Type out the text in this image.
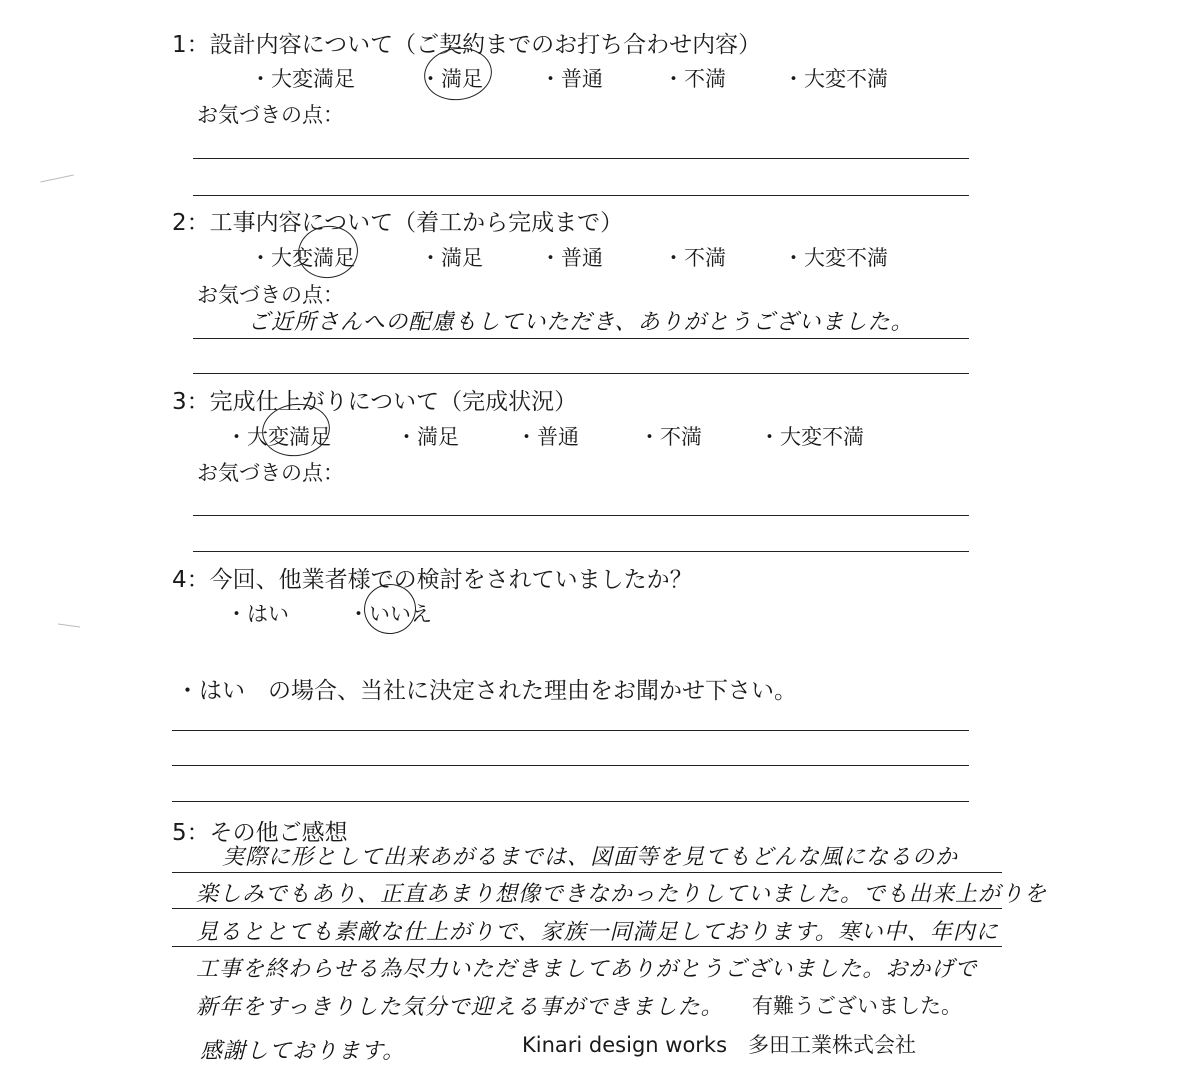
1：設計内容について（ご契約までのお打ち合わせ内容）
・大変満足	・満足	・普通	・不満	・大変不満
お気づきの点：
2：工事内容について（着工から完成まで）
・大変満足	・満足	・普通	・不満	・大変不満
お気づきの点：
ご近所さんへの配慮もしていただき、ありがとうございました。
3：完成仕上がりについて（完成状況）
・大変満足	・満足	・普通	・不満	・大変不満
お気づきの点：
4：今回、他業者様での検討をされていましたか？
・はい	・いいえ
・はい　の場合、当社に決定された理由をお聞かせ下さい。
5：その他ご感想
実際に形として出来あがるまでは、図面等を見てもどんな風になるのか
楽しみでもあり、正直あまり想像できなかったりしていました。でも出来上がりを
見るととても素敵な仕上がりで、家族一同満足しております。寒い中、年内に
工事を終わらせる為尽力いただきましてありがとうございました。おかげで
新年をすっきりした気分で迎える事ができました。 有難うございました。
感謝しております。	Kinari design works　多田工業株式会社
